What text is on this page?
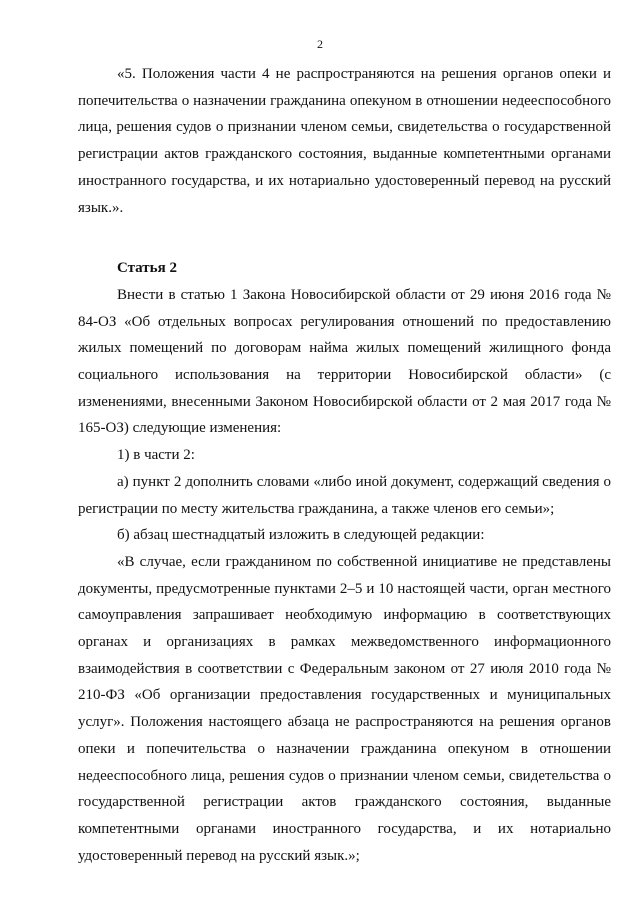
2

«5. Положения части 4 не распространяются на решения органов опеки и попечительства о назначении гражданина опекуном в отношении недееспособного лица, решения судов о признании членом семьи, свидетельства о государственной регистрации актов гражданского состояния, выданные компетентными органами иностранного государства, и их нотариально удостоверенный перевод на русский язык.».

Статья 2

Внести в статью 1 Закона Новосибирской области от 29 июня 2016 года № 84-ОЗ «Об отдельных вопросах регулирования отношений по предоставлению жилых помещений по договорам найма жилых помещений жилищного фонда социального использования на территории Новосибирской области» (с изменениями, внесенными Законом Новосибирской области от 2 мая 2017 года № 165-ОЗ) следующие изменения:

1) в части 2:

а) пункт 2 дополнить словами «либо иной документ, содержащий сведения о регистрации по месту жительства гражданина, а также членов его семьи»;

б) абзац шестнадцатый изложить в следующей редакции:

«В случае, если гражданином по собственной инициативе не представлены документы, предусмотренные пунктами 2–5 и 10 настоящей части, орган местного самоуправления запрашивает необходимую информацию в соответствующих органах и организациях в рамках межведомственного информационного взаимодействия в соответствии с Федеральным законом от 27 июля 2010 года № 210-ФЗ «Об организации предоставления государственных и муниципальных услуг». Положения настоящего абзаца не распространяются на решения органов опеки и попечительства о назначении гражданина опекуном в отношении недееспособного лица, решения судов о признании членом семьи, свидетельства о государственной регистрации актов гражданского состояния, выданные компетентными органами иностранного государства, и их нотариально удостоверенный перевод на русский язык.»;
